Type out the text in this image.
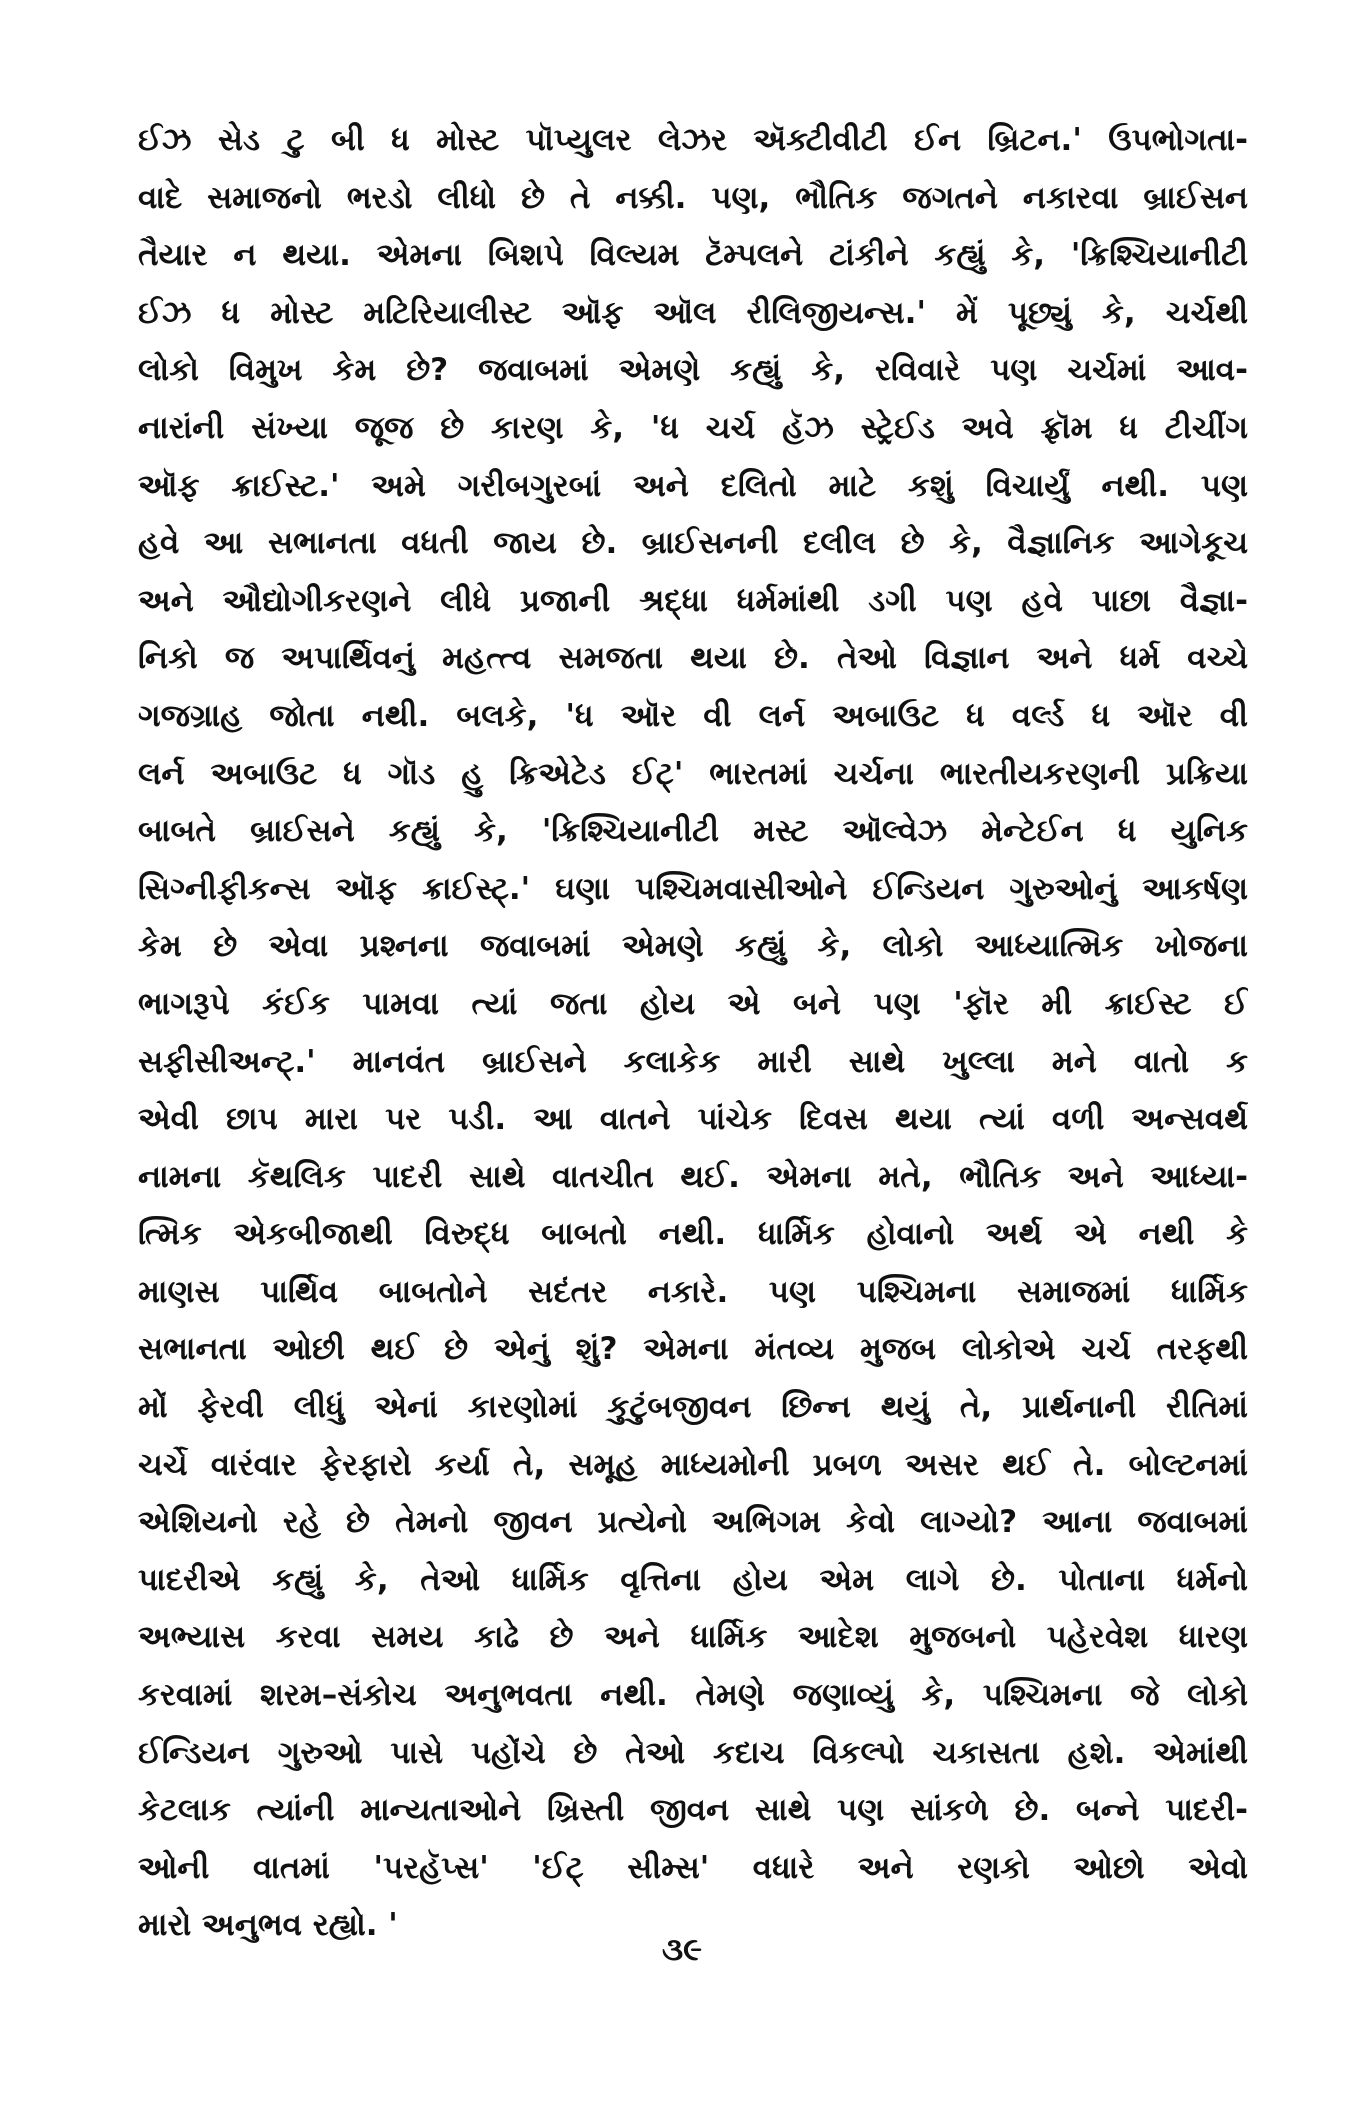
ઈઝ સેડ ટુ બી ધ મોસ્ટ પૉપ્યુલર લેઝર ઍક્ટીવીટી ઈન બ્રિટન.' ઉપભોગતા-
વાદે સમાજનો ભરડો લીધો છે તે નક્કી. પણ, ભૌતિક જગતને નકારવા બ્રાઈસન
તૈયાર ન થયા. એમના બિશપે વિલ્યમ ટૅમ્પલને ટાંકીને કહ્યું કે, 'ક્રિશ્ચિયાનીટી
ઈઝ ધ મોસ્ટ મટિરિયાલીસ્ટ ઑફ ઑલ રીલિજીયન્સ.' મેં પૂછ્યું કે, ચર્ચથી
લોકો વિમુખ કેમ છે? જવાબમાં એમણે કહ્યું કે, રવિવારે પણ ચર્ચમાં આવ-
નારાંની સંખ્યા જૂજ છે કારણ કે, 'ધ ચર્ચ હૅઝ સ્ટ્રેઈડ અવે ફ્રૉમ ધ ટીચીંગ
ઑફ ક્રાઈસ્ટ.' અમે ગરીબગુરબાં અને દલિતો માટે કશું વિચાર્યું નથી. પણ
હવે આ સભાનતા વધતી જાય છે. બ્રાઈસનની દલીલ છે કે, વૈજ્ઞાનિક આગેકૂચ
અને ઔદ્યોગીકરણને લીધે પ્રજાની શ્રદ્ધા ધર્મમાંથી ડગી પણ હવે પાછા વૈજ્ઞા-
નિકો જ અપાર્થિવનું મહત્ત્વ સમજતા થયા છે. તેઓ વિજ્ઞાન અને ધર્મ વચ્ચે
ગજગ્રાહ જોતા નથી. બલકે, 'ધ ઑર વી લર્ન અબાઉટ ધ વર્લ્ડ ધ ઑર વી
લર્ન અબાઉટ ધ ગૉડ હુ ક્રિએટેડ ઈટ્' ભારતમાં ચર્ચના ભારતીયકરણની પ્રક્રિયા
બાબતે બ્રાઈસને કહ્યું કે, 'ક્રિશ્ચિયાનીટી મસ્ટ ઑલ્વેઝ મેન્ટેઈન ધ યુનિક
સિગ્નીફીકન્સ ઑફ ક્રાઈસ્ટ્.' ઘણા પશ્ચિમવાસીઓને ઈન્ડિયન ગુરુઓનું આકર્ષણ
કેમ છે એવા પ્રશ્નના જવાબમાં એમણે કહ્યું કે, લોકો આધ્યાત્મિક ખોજના
ભાગરૂપે કંઈક પામવા ત્યાં જતા હોય એ બને પણ 'ફૉર મી ક્રાઈસ્ટ ઈ
સફીસીઅન્ટ્.' માનવંત બ્રાઈસને કલાકેક મારી સાથે ખુલ્લા મને વાતો ક
એવી છાપ મારા પર પડી. આ વાતને પાંચેક દિવસ થયા ત્યાં વળી અન્સવર્થ
નામના કૅથલિક પાદરી સાથે વાતચીત થઈ. એમના મતે, ભૌતિક અને આધ્યા-
ત્મિક એકબીજાથી વિરુદ્ધ બાબતો નથી. ધાર્મિક હોવાનો અર્થ એ નથી કે
માણસ પાર્થિવ બાબતોને સદંતર નકારે. પણ પશ્ચિમના સમાજમાં ધાર્મિક
સભાનતા ઓછી થઈ છે એનું શું? એમના મંતવ્ય મુજબ લોકોએ ચર્ચ તરફથી
મોં ફેરવી લીધું એનાં કારણોમાં કુટુંબજીવન છિન્ન થયું તે, પ્રાર્થનાની રીતિમાં
ચર્ચે વારંવાર ફેરફારો કર્યા તે, સમૂહ માધ્યમોની પ્રબળ અસર થઈ તે. બોલ્ટનમાં
એશિયનો રહે છે તેમનો જીવન પ્રત્યેનો અભિગમ કેવો લાગ્યો? આના જવાબમાં
પાદરીએ કહ્યું કે, તેઓ ધાર્મિક વૃત્તિના હોય એમ લાગે છે. પોતાના ધર્મનો
અભ્યાસ કરવા સમય કાઢે છે અને ધાર્મિક આદેશ મુજબનો પહેરવેશ ધારણ
કરવામાં શરમ–સંકોચ અનુભવતા નથી. તેમણે જણાવ્યું કે, પશ્ચિમના જે લોકો
ઈન્ડિયન ગુરુઓ પાસે પહોંચે છે તેઓ કદાચ વિકલ્પો ચકાસતા હશે. એમાંથી
કેટલાક ત્યાંની માન્યતાઓને ખ્રિસ્તી જીવન સાથે પણ સાંકળે છે. બન્ને પાદરી-
ઓની વાતમાં 'પરહૅપ્સ' 'ઈટ્ સીમ્સ' વધારે અને રણકો ઓછો એવો
મારો અનુભવ રહ્યો. '
૩૯
